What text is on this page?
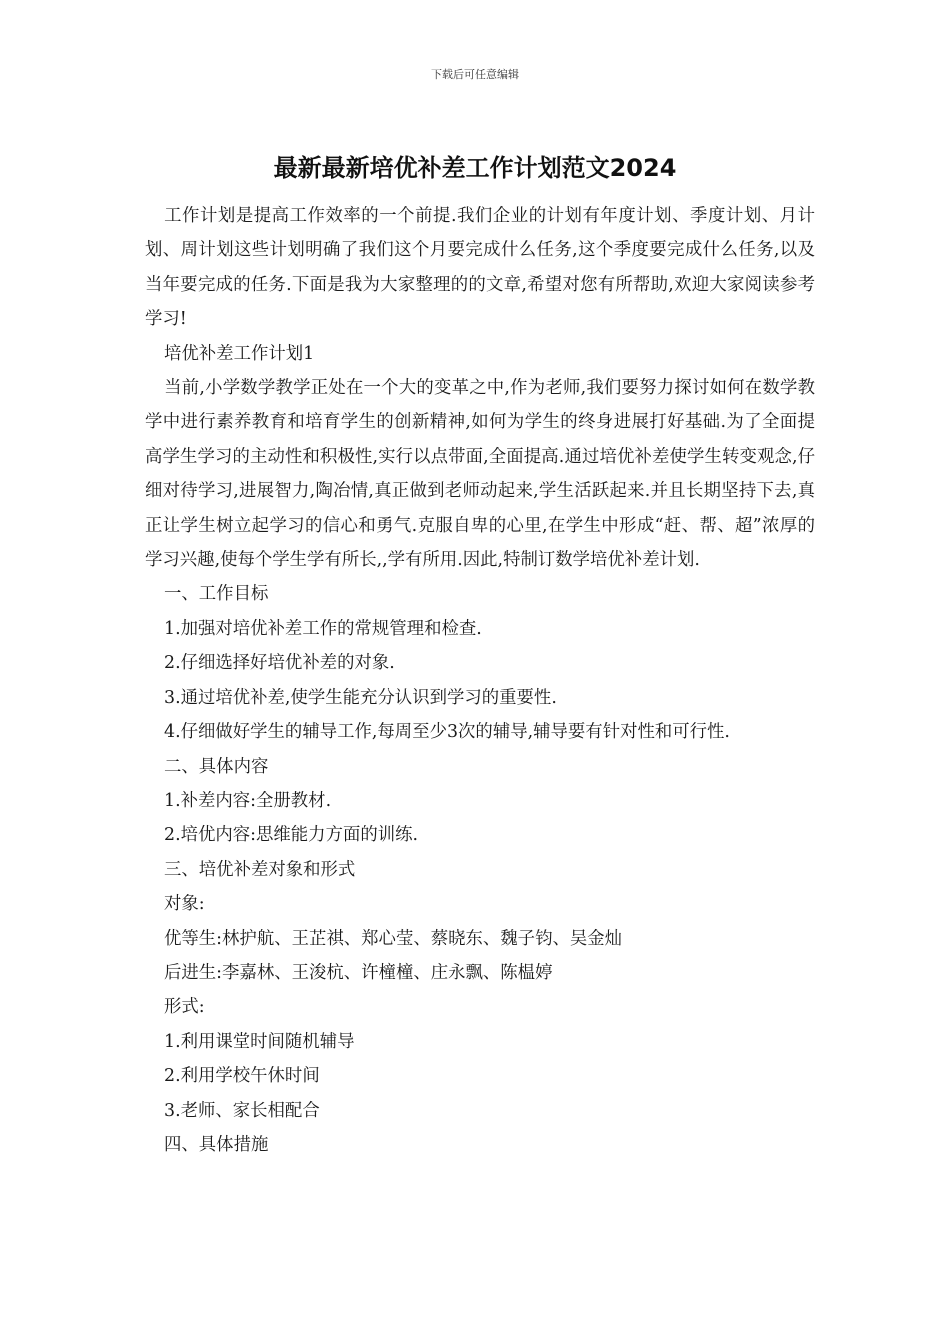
下载后可任意编辑
最新最新培优补差工作计划范文2024

工作计划是提高工作效率的一个前提.我们企业的计划有年度计划、季度计划、月计划、周计划这些计划明确了我们这个月要完成什么任务,这个季度要完成什么任务,以及当年要完成的任务.下面是我为大家整理的的文章,希望对您有所帮助,欢迎大家阅读参考学习!

培优补差工作计划1

当前,小学数学教学正处在一个大的变革之中,作为老师,我们要努力探讨如何在数学教学中进行素养教育和培育学生的创新精神,如何为学生的终身进展打好基础.为了全面提高学生学习的主动性和积极性,实行以点带面,全面提高.通过培优补差使学生转变观念,仔细对待学习,进展智力,陶冶情,真正做到老师动起来,学生活跃起来.并且长期坚持下去,真正让学生树立起学习的信心和勇气.克服自卑的心里,在学生中形成“赶、帮、超”浓厚的学习兴趣,使每个学生学有所长,,学有所用.因此,特制订数学培优补差计划.

一、工作目标

1.加强对培优补差工作的常规管理和检查.

2.仔细选择好培优补差的对象.

3.通过培优补差,使学生能充分认识到学习的重要性.

4.仔细做好学生的辅导工作,每周至少3次的辅导,辅导要有针对性和可行性.

二、具体内容

1.补差内容:全册教材.

2.培优内容:思维能力方面的训练.

三、培优补差对象和形式

对象:

优等生:林护航、王芷祺、郑心莹、蔡晓东、魏子钧、吴金灿

后进生:李嘉林、王浚杭、许橦橦、庄永飘、陈榅婷

形式:

1.利用课堂时间随机辅导

2.利用学校午休时间

3.老师、家长相配合

四、具体措施
